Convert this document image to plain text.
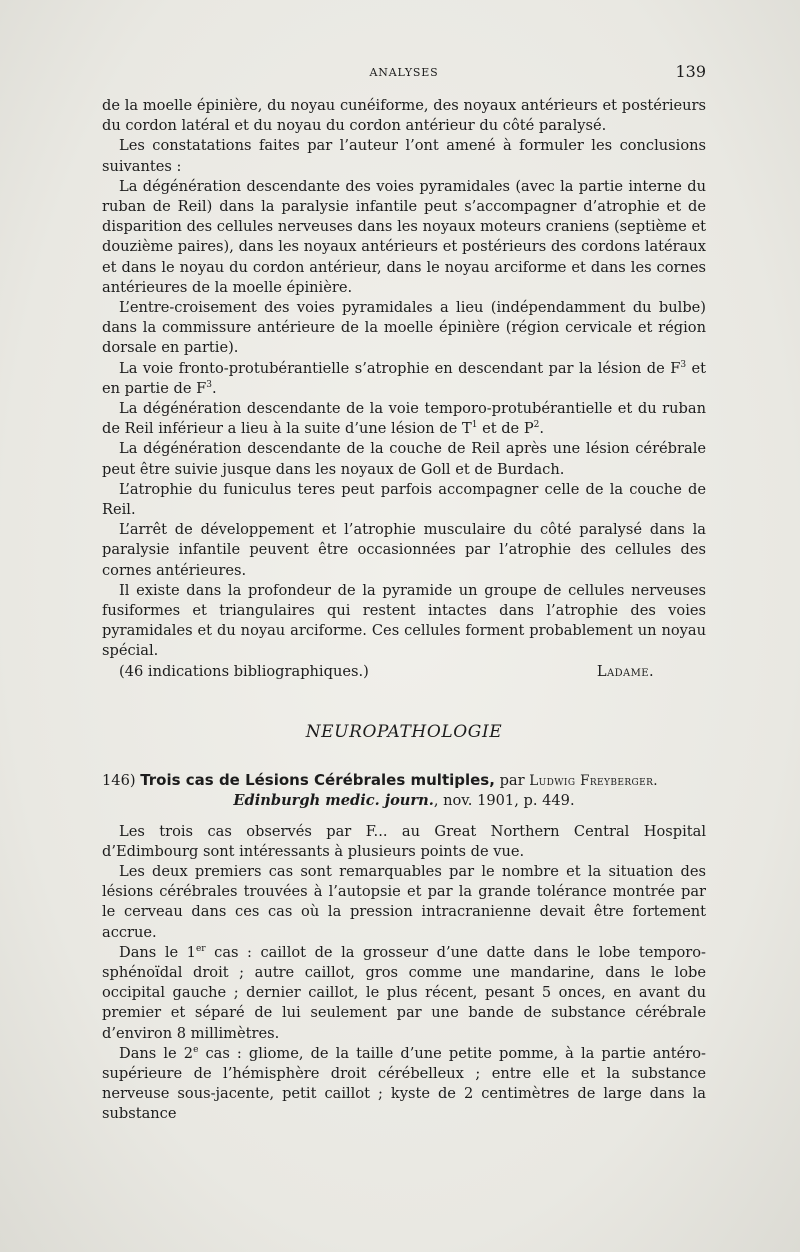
ANALYSES	139

de la moelle épinière, du noyau cunéiforme, des noyaux antérieurs et postérieurs du cordon latéral et du noyau du cordon antérieur du côté paralysé.

Les constatations faites par l’auteur l’ont amené à formuler les conclusions suivantes :

La dégénération descendante des voies pyramidales (avec la partie interne du ruban de Reil) dans la paralysie infantile peut s’accompagner d’atrophie et de disparition des cellules nerveuses dans les noyaux moteurs craniens (septième et douzième paires), dans les noyaux antérieurs et postérieurs des cordons latéraux et dans le noyau du cordon antérieur, dans le noyau arciforme et dans les cornes antérieures de la moelle épinière.

L’entre-croisement des voies pyramidales a lieu (indépendamment du bulbe) dans la commissure antérieure de la moelle épinière (région cervicale et région dorsale en partie).

La voie fronto-protubérantielle s’atrophie en descendant par la lésion de $F^3$ et en partie de $F^3$.

La dégénération descendante de la voie temporo-protubérantielle et du ruban de Reil inférieur a lieu à la suite d’une lésion de $T^1$ et de $P^2$.

La dégénération descendante de la couche de Reil après une lésion cérébrale peut être suivie jusque dans les noyaux de Goll et de Burdach.

L’atrophie du funiculus teres peut parfois accompagner celle de la couche de Reil.

L’arrêt de développement et l’atrophie musculaire du côté paralysé dans la paralysie infantile peuvent être occasionnées par l’atrophie des cellules des cornes antérieures.

Il existe dans la profondeur de la pyramide un groupe de cellules nerveuses fusiformes et triangulaires qui restent intactes dans l’atrophie des voies pyramidales et du noyau arciforme. Ces cellules forment probablement un noyau spécial.

(46 indications bibliographiques.)	Ladame.

NEUROPATHOLOGIE

146) Trois cas de Lésions Cérébrales multiples, par Ludwig Freyberger.

Edinburgh medic. journ., nov. 1901, p. 449.

Les trois cas observés par F... au Great Northern Central Hospital d’Edimbourg sont intéressants à plusieurs points de vue.

Les deux premiers cas sont remarquables par le nombre et la situation des lésions cérébrales trouvées à l’autopsie et par la grande tolérance montrée par le cerveau dans ces cas où la pression intracranienne devait être fortement accrue.

Dans le 1er cas : caillot de la grosseur d’une datte dans le lobe temporo-sphénoïdal droit ; autre caillot, gros comme une mandarine, dans le lobe occipital gauche ; dernier caillot, le plus récent, pesant 5 onces, en avant du premier et séparé de lui seulement par une bande de substance cérébrale d’environ 8 millimètres.

Dans le 2e cas : gliome, de la taille d’une petite pomme, à la partie antéro-supérieure de l’hémisphère droit cérébelleux ; entre elle et la substance nerveuse sous-jacente, petit caillot ; kyste de 2 centimètres de large dans la substance
